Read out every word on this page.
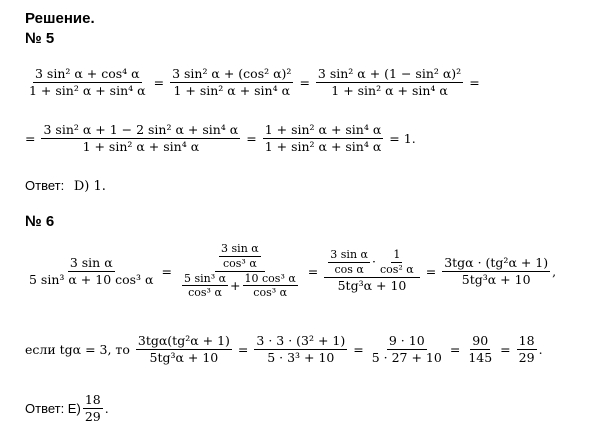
Решение.
№ 5
$\frac{\text{3 sin² α + cos⁴ α}}{\text{1 + sin² α + sin⁴ α}} = \frac{\text{3 sin² α + (cos² α)²}}{\text{1 + sin² α + sin⁴ α}} = \frac{\text{3 sin² α + (1 − sin² α)²}}{\text{1 + sin² α + sin⁴ α}}$ =
= $\frac{\text{3 sin² α + 1 − 2 sin² α + sin⁴ α}}{\text{1 + sin² α + sin⁴ α}} = \frac{\text{1 + sin² α + sin⁴ α}}{\text{1 + sin² α + sin⁴ α}} = 1$.
Ответ: D) 1.
№ 6
$\frac{\text{3 sin α}}{\text{5 sin³ α + 10 cos³ α}}$ =
$\frac{\text{3 sin α}}{\text{cos³ α}}$
$\frac{\text{5 sin³ α}}{\text{cos³ α}} + \frac{\text{10 cos³ α}}{\text{cos³ α}}$
= $\frac{\frac{\text{3 sin α}}{\text{cos α}} \cdot \frac{1}{\text{cos² α}}}{\text{5tg³α + 10}} = \frac{\text{3tgα · (tg²α + 1)}}{\text{5tg³α + 10}}$ ,
если tgα = 3, то $\frac{\text{3tgα(tg²α + 1)}}{\text{5tg³α + 10}} = \frac{\text{3 · 3 · (3² + 1)}}{\text{5 · 3³ + 10}} = \frac{9 \cdot 10}{5 \cdot 27 + 10} = \frac{90}{145} = \frac{18}{29}$ .
Ответ: $E) \frac{18}{29}$ .
